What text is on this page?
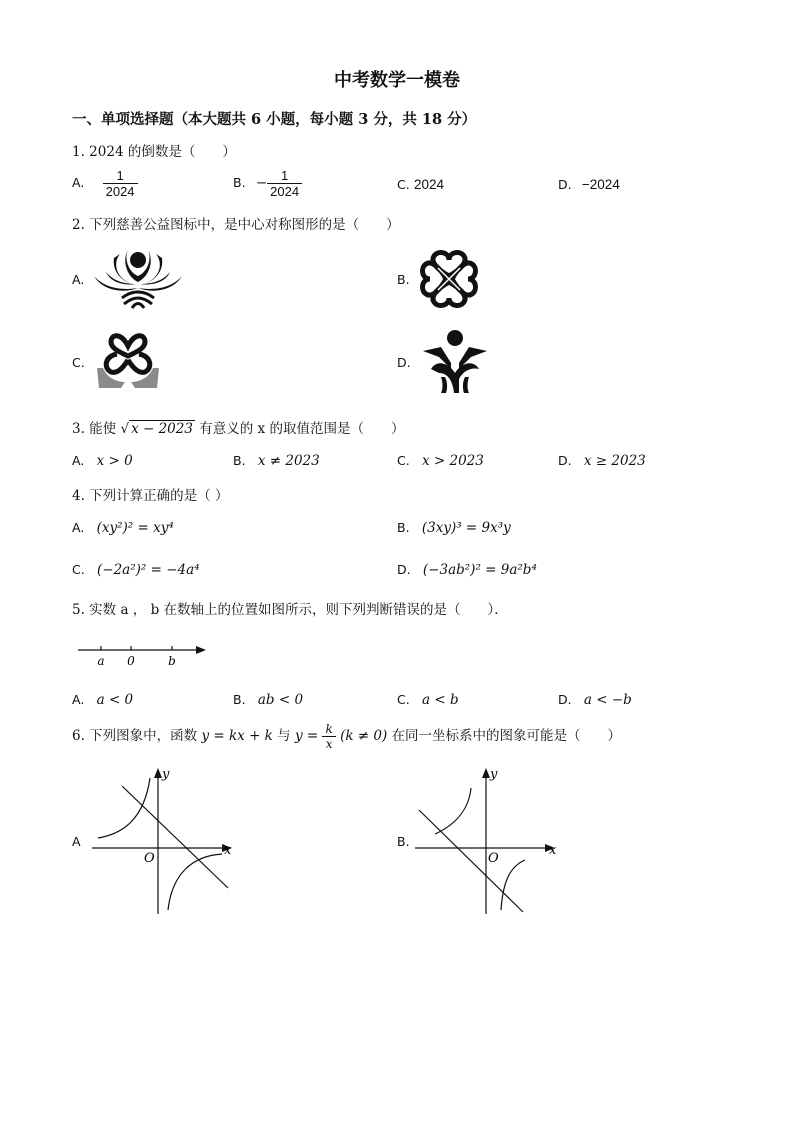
中考数学一模卷
一、单项选择题（本大题共 6 小题，每小题 3 分，共 18 分）
1. 2024 的倒数是（　　）
A. $\frac{1}{2024}$	B. − $\frac{1}{2024}$	C. 2024	D. −2024
2. 下列慈善公益图标中，是中心对称图形的是（　　）
A.	B.
C.	D.
3. 能使 √ x − 2023 有意义的 x 的取值范围是（　　）
A. x > 0	B. x ≠ 2023	C. x > 2023	D. x ≥ 2023
4. 下列计算正确的是（ ）
A. (xy²)² = xy⁴	B. (3xy)³ = 9x³y
C. (−2a²)² = −4a⁴	D. (−3ab²)² = 9a²b⁴
5. 实数 a ， b 在数轴上的位置如图所示，则下列判断错误的是（　　）．
a 0	b
A. a < 0	B. ab < 0	C. a < b	D. a < −b
6. 下列图象中，函数 y = kx + k 与 $y = \frac{k}{x} (k \ne 0)$ 在同一坐标系中的图象可能是（　　）
A
x
y
O
B.
x
y
O
